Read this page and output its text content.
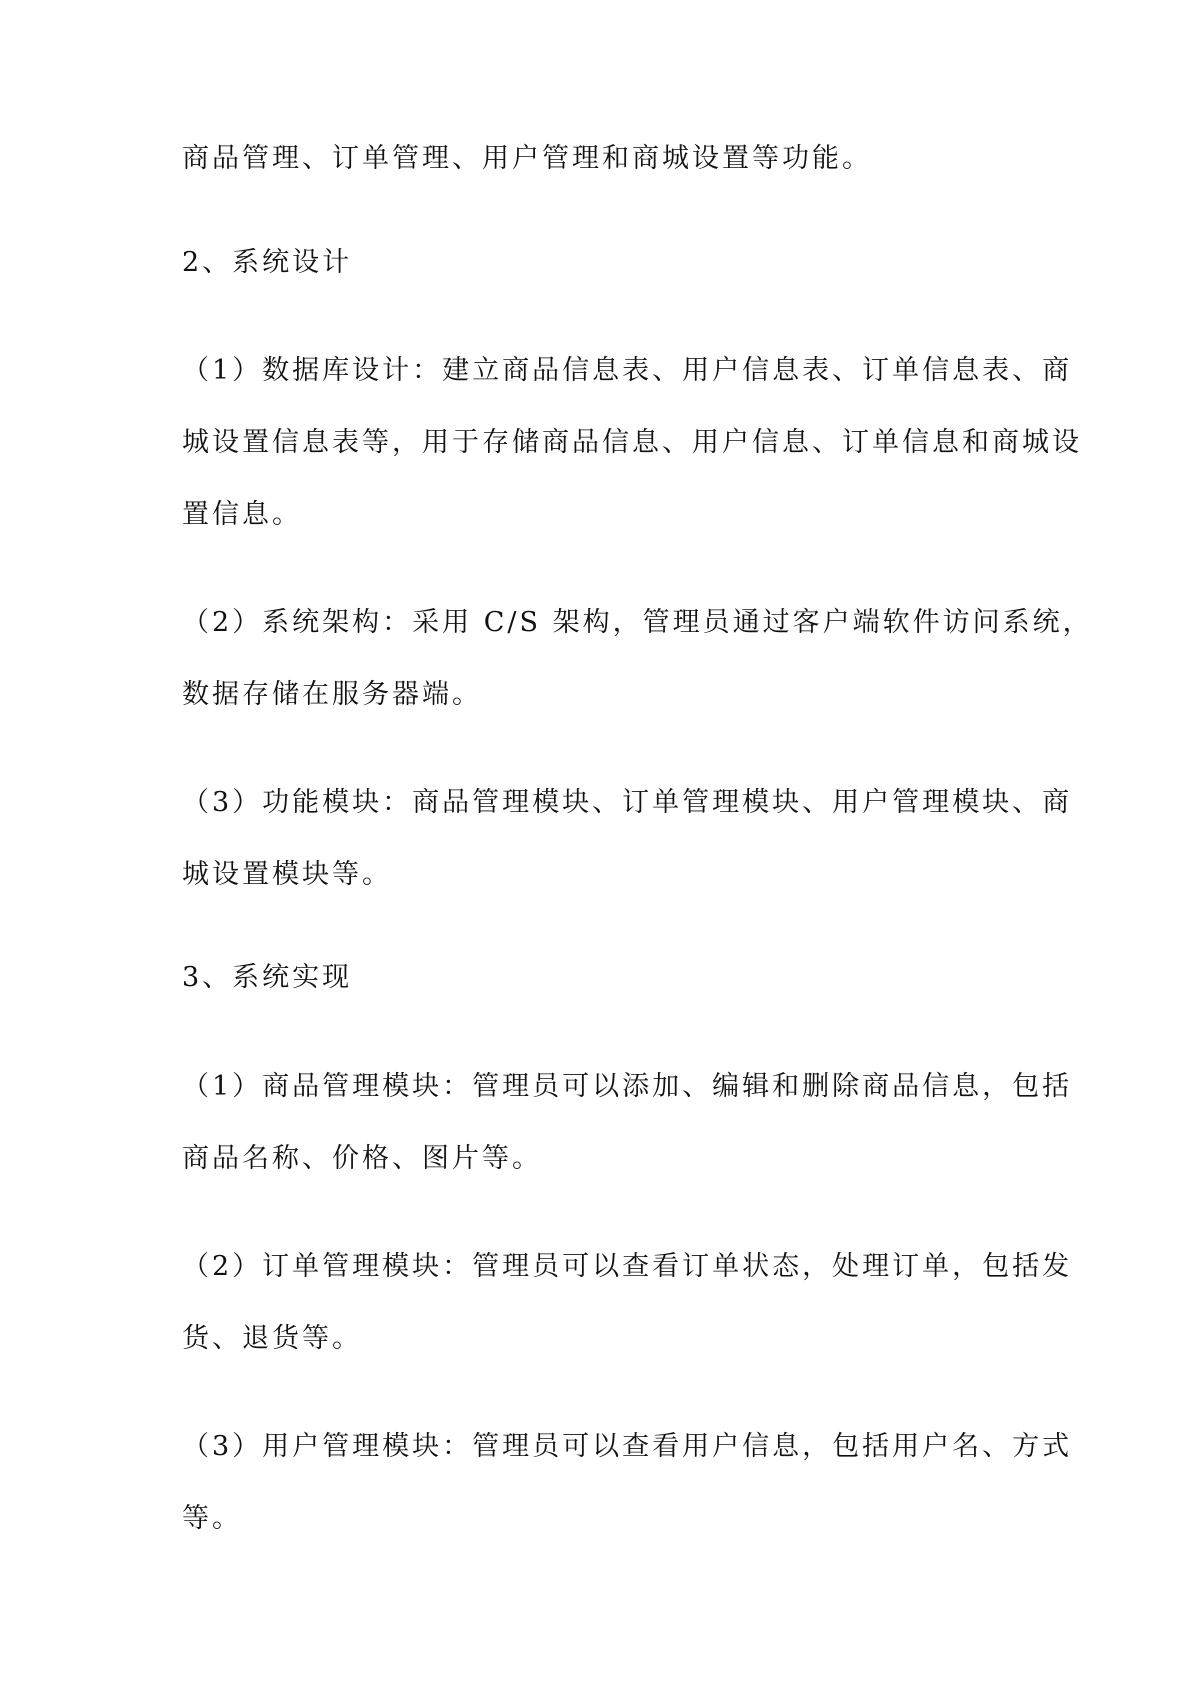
商品管理、订单管理、用户管理和商城设置等功能。
2、系统设计
（1）数据库设计：建立商品信息表、用户信息表、订单信息表、商
城设置信息表等，用于存储商品信息、用户信息、订单信息和商城设
置信息。
（2）系统架构：采用 C/S 架构，管理员通过客户端软件访问系统，
数据存储在服务器端。
（3）功能模块：商品管理模块、订单管理模块、用户管理模块、商
城设置模块等。
3、系统实现
（1）商品管理模块：管理员可以添加、编辑和删除商品信息，包括
商品名称、价格、图片等。
（2）订单管理模块：管理员可以查看订单状态，处理订单，包括发
货、退货等。
（3）用户管理模块：管理员可以查看用户信息，包括用户名、方式
等。
